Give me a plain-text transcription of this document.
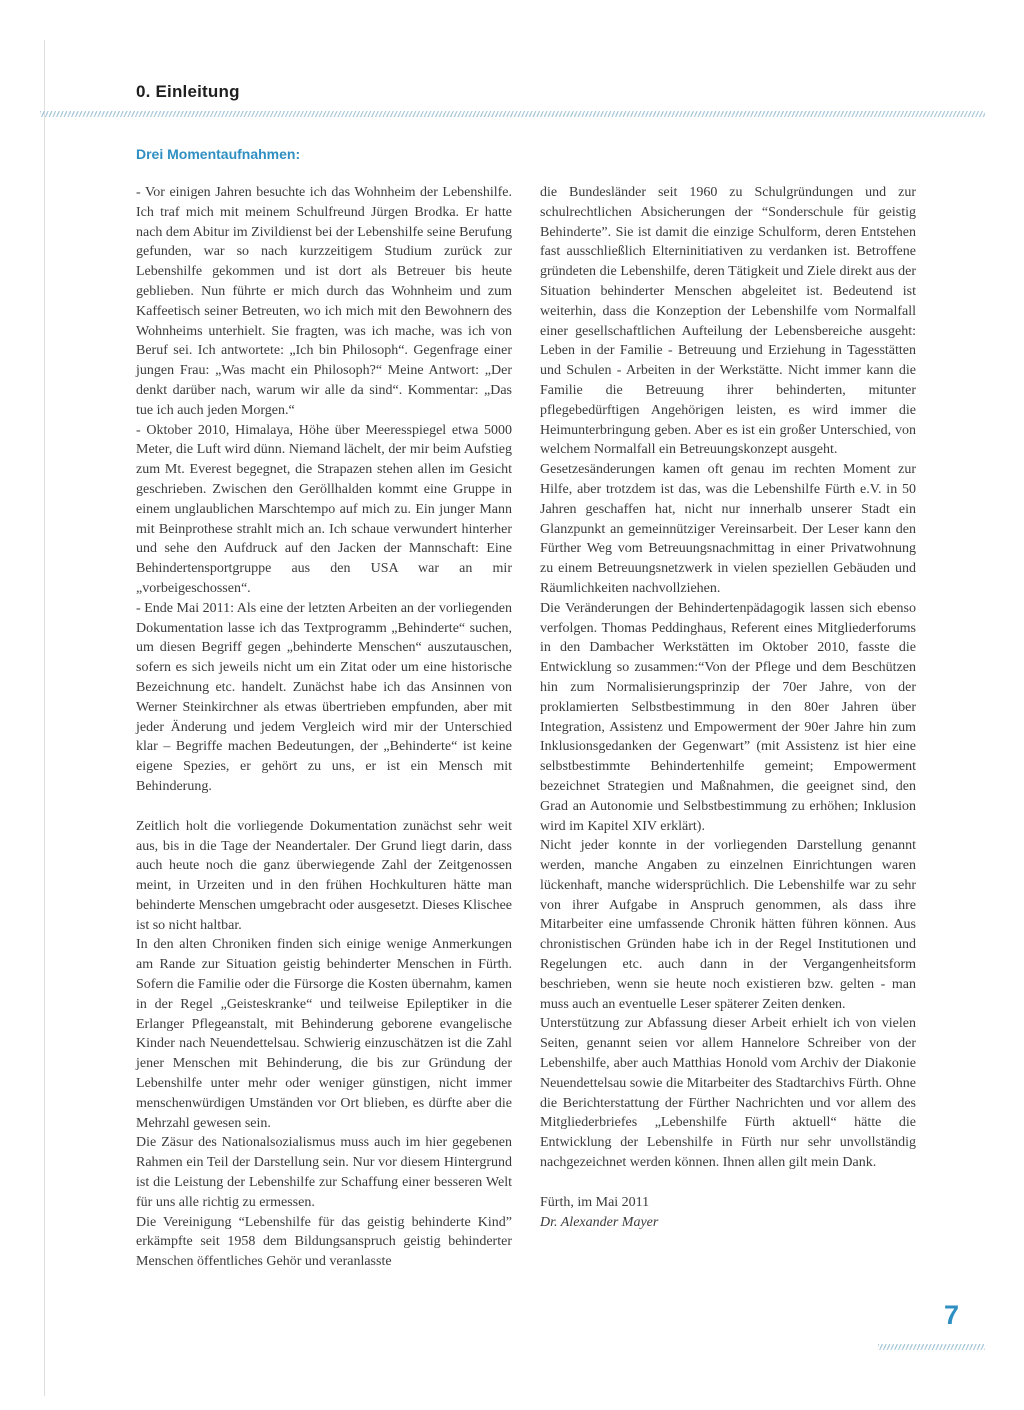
0. Einleitung
Drei Momentaufnahmen:

- Vor einigen Jahren besuchte ich das Wohnheim der Lebenshilfe. Ich traf mich mit meinem Schulfreund Jürgen Brodka. Er hatte nach dem Abitur im Zivildienst bei der Lebenshilfe seine Berufung gefunden, war so nach kurzzeitigem Studium zurück zur Lebenshilfe gekommen und ist dort als Betreuer bis heute geblieben. Nun führte er mich durch das Wohnheim und zum Kaffeetisch seiner Betreuten, wo ich mich mit den Bewohnern des Wohnheims unterhielt. Sie fragten, was ich mache, was ich von Beruf sei. Ich antwortete: „Ich bin Philosoph“. Gegenfrage einer jungen Frau: „Was macht ein Philosoph?“ Meine Antwort: „Der denkt darüber nach, warum wir alle da sind“. Kommentar: „Das tue ich auch jeden Morgen.“

- Oktober 2010, Himalaya, Höhe über Meeresspiegel etwa 5000 Meter, die Luft wird dünn. Niemand lächelt, der mir beim Aufstieg zum Mt. Everest begegnet, die Strapazen stehen allen im Gesicht geschrieben. Zwischen den Geröllhalden kommt eine Gruppe in einem unglaublichen Marschtempo auf mich zu. Ein junger Mann mit Beinprothese strahlt mich an. Ich schaue verwundert hinterher und sehe den Aufdruck auf den Jacken der Mannschaft: Eine Behindertensportgruppe aus den USA war an mir „vorbeigeschossen“.

- Ende Mai 2011: Als eine der letzten Arbeiten an der vorliegenden Dokumentation lasse ich das Textprogramm „Behinderte“ suchen, um diesen Begriff gegen „behinderte Menschen“ auszutauschen, sofern es sich jeweils nicht um ein Zitat oder um eine historische Bezeichnung etc. handelt. Zunächst habe ich das Ansinnen von Werner Steinkirchner als etwas übertrieben empfunden, aber mit jeder Änderung und jedem Vergleich wird mir der Unterschied klar – Begriffe machen Bedeutungen, der „Behinderte“ ist keine eigene Spezies, er gehört zu uns, er ist ein Mensch mit Behinderung.

Zeitlich holt die vorliegende Dokumentation zunächst sehr weit aus, bis in die Tage der Neandertaler. Der Grund liegt darin, dass auch heute noch die ganz überwiegende Zahl der Zeitgenossen meint, in Urzeiten und in den frühen Hochkulturen hätte man behinderte Menschen umgebracht oder ausgesetzt. Dieses Klischee ist so nicht haltbar.

In den alten Chroniken finden sich einige wenige Anmerkungen am Rande zur Situation geistig behinderter Menschen in Fürth. Sofern die Familie oder die Fürsorge die Kosten übernahm, kamen in der Regel „Geisteskranke“ und teilweise Epileptiker in die Erlanger Pflegeanstalt, mit Behinderung geborene evangelische Kinder nach Neuendettelsau. Schwierig einzuschätzen ist die Zahl jener Menschen mit Behinderung, die bis zur Gründung der Lebenshilfe unter mehr oder weniger günstigen, nicht immer menschenwürdigen Umständen vor Ort blieben, es dürfte aber die Mehrzahl gewesen sein.

Die Zäsur des Nationalsozialismus muss auch im hier gegebenen Rahmen ein Teil der Darstellung sein. Nur vor diesem Hintergrund ist die Leistung der Lebenshilfe zur Schaffung einer besseren Welt für uns alle richtig zu ermessen.

Die Vereinigung “Lebenshilfe für das geistig behinderte Kind” erkämpfte seit 1958 dem Bildungsanspruch geistig behinderter Menschen öffentliches Gehör und veranlasste

die Bundesländer seit 1960 zu Schulgründungen und zur schulrechtlichen Absicherungen der “Sonderschule für geistig Behinderte”. Sie ist damit die einzige Schulform, deren Entstehen fast ausschließlich Elterninitiativen zu verdanken ist. Betroffene gründeten die Lebenshilfe, deren Tätigkeit und Ziele direkt aus der Situation behinderter Menschen abgeleitet ist. Bedeutend ist weiterhin, dass die Konzeption der Lebenshilfe vom Normalfall einer gesellschaftlichen Aufteilung der Lebensbereiche ausgeht: Leben in der Familie - Betreuung und Erziehung in Tagesstätten und Schulen - Arbeiten in der Werkstätte. Nicht immer kann die Familie die Betreuung ihrer behinderten, mitunter pflegebedürftigen Angehörigen leisten, es wird immer die Heimunterbringung geben. Aber es ist ein großer Unterschied, von welchem Normalfall ein Betreuungskonzept ausgeht.

Gesetzesänderungen kamen oft genau im rechten Moment zur Hilfe, aber trotzdem ist das, was die Lebenshilfe Fürth e.V. in 50 Jahren geschaffen hat, nicht nur innerhalb unserer Stadt ein Glanzpunkt an gemeinnütziger Vereinsarbeit. Der Leser kann den Fürther Weg vom Betreuungsnachmittag in einer Privatwohnung zu einem Betreuungsnetzwerk in vielen speziellen Gebäuden und Räumlichkeiten nachvollziehen.

Die Veränderungen der Behindertenpädagogik lassen sich ebenso verfolgen. Thomas Peddinghaus, Referent eines Mitgliederforums in den Dambacher Werkstätten im Oktober 2010, fasste die Entwicklung so zusammen:“Von der Pflege und dem Beschützen hin zum Normalisierungsprinzip der 70er Jahre, von der proklamierten Selbstbestimmung in den 80er Jahren über Integration, Assistenz und Empowerment der 90er Jahre hin zum Inklusionsgedanken der Gegenwart” (mit Assistenz ist hier eine selbstbestimmte Behindertenhilfe gemeint; Empowerment bezeichnet Strategien und Maßnahmen, die geeignet sind, den Grad an Autonomie und Selbstbestimmung zu erhöhen; Inklusion wird im Kapitel XIV erklärt).

Nicht jeder konnte in der vorliegenden Darstellung genannt werden, manche Angaben zu einzelnen Einrichtungen waren lückenhaft, manche widersprüchlich. Die Lebenshilfe war zu sehr von ihrer Aufgabe in Anspruch genommen, als dass ihre Mitarbeiter eine umfassende Chronik hätten führen können. Aus chronistischen Gründen habe ich in der Regel Institutionen und Regelungen etc. auch dann in der Vergangenheitsform beschrieben, wenn sie heute noch existieren bzw. gelten - man muss auch an eventuelle Leser späterer Zeiten denken.

Unterstützung zur Abfassung dieser Arbeit erhielt ich von vielen Seiten, genannt seien vor allem Hannelore Schreiber von der Lebenshilfe, aber auch Matthias Honold vom Archiv der Diakonie Neuendettelsau sowie die Mitarbeiter des Stadtarchivs Fürth. Ohne die Berichterstattung der Fürther Nachrichten und vor allem des Mitgliederbriefes „Lebenshilfe Fürth aktuell“ hätte die Entwicklung der Lebenshilfe in Fürth nur sehr unvollständig nachgezeichnet werden können. Ihnen allen gilt mein Dank.

Fürth, im Mai 2011

Dr. Alexander Mayer

7
